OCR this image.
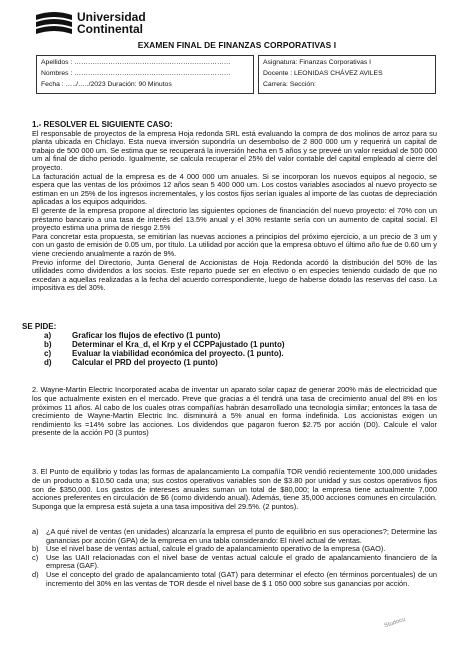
Universidad
Continental
EXAMEN FINAL DE FINANZAS CORPORATIVAS I
Apellidos : ……………………………………………………………
Nombres : ……………………………………………………………
Fecha : …../…../2023 Duración: 90 Minutos
Asignatura: Finanzas Corporativas I
Docente : LEONIDAS CHÁVEZ AVILES
Carrera: Sección:

1.- RESOLVER EL SIGUIENTE CASO:

El responsable de proyectos de la empresa Hoja redonda SRL está evaluando la compra de dos molinos de arroz para su planta ubicada en Chiclayo. Esta nueva inversión supondría un desembolso de 2 800 000 um y requerirá un capital de trabajo de 500 000 um. Se estima que se recuperará la inversión hecha en 5 años y se preveé un valor residual de 500 000 um al final de dicho periodo. Igualmente, se calcula recuperar el 25% del valor contable del capital empleado al cierre del proyecto.

La facturación actual de la empresa es de 4 000 000 um anuales. Si se incorporan los nuevos equipos al negocio, se espera que las ventas de los próximos 12 años sean 5 400 000 um. Los costos variables asociados al nuevo proyecto se estiman en un 25% de los ingresos incrementales, y los costos fijos serían iguales al importe de las cuotas de depreciación aplicadas a los equipos adquiridos.

El gerente de la empresa propone al directorio las siguientes opciones de financiación del nuevo proyecto: el 70% con un préstamo bancario a una tasa de interés del 13.5% anual y el 30% restante sería con un aumento de capital social. El proyecto estima una prima de riesgo 2.5%

Para concretar esta propuesta, se emitirían las nuevas acciones a principios del próximo ejercicio, a un precio de 3 um y con un gasto de emisión de 0.05 um, por título. La utilidad por acción que la empresa obtuvo el último año fue de 0.60 um y viene creciendo anualmente a razón de 9%.

Previo informe del Directorio, Junta General de Accionistas de Hoja Redonda acordó la distribución del 50% de las utilidades como dividendos a los socios. Este reparto puede ser en efectivo o en especies teniendo cuidado de que no excedan a aquellas realizadas a la fecha del acuerdo correspondiente, luego de haberse dotado las reservas del caso. La impositiva es del 30%.

SE PIDE:
a)	Graficar los flujos de efectivo (1 punto)
b)	Determinar el Kra_d, el Krp y el CCPPajustado (1 punto)
c)	Evaluar la viabilidad económica del proyecto. (1 punto).
d)	Calcular el PRD del proyecto (1 punto)

2. Wayne-Martin Electric Incorporated acaba de inventar un aparato solar capaz de generar 200% más de electricidad que los que actualmente existen en el mercado. Preve que gracias a él tendrá una tasa de crecimiento anual del 8% en los próximos 11 años. Al cabo de los cuales otras compañías habrán desarrollado una tecnología similar; entonces la tasa de crecimiento de Wayne-Martin Electric Inc. disminuirá a 5% anual en forma indefinida. Los accionistas exigen un rendimiento ks =14% sobre las acciones. Los dividendos que pagaron fueron $2.75 por acción (D0). Calcule el valor presente de la acción P0 (3 puntos)

3. El Punto de equilibrio y todas las formas de apalancamiento La compañía TOR vendió recientemente 100,000 unidades de un producto a $10.50 cada una; sus costos operativos variables son de $3.80 por unidad y sus costos operativos fijos son de $350,000. Los gastos de intereses anuales suman un total de $80,000; la empresa tiene actualmente 7,000 acciones preferentes en circulación de $6 (como dividendo anual). Además, tiene 35,000 acciones comunes en circulación. Suponga que la empresa está sujeta a una tasa impositiva del 29.5%. (2 puntos).

a)	¿A qué nivel de ventas (en unidades) alcanzaría la empresa el punto de equilibrio en sus operaciones?; Determine las ganancias por acción (GPA) de la empresa en una tabla considerando: El nivel actual de ventas.
b)	Use el nivel base de ventas actual, calcule el grado de apalancamiento operativo de la empresa (GAO).
c)	Use las UAII relacionadas con el nivel base de ventas actual calcule el grado de apalancamiento financiero de la empresa (GAF).
d)	Use el concepto del grado de apalancamiento total (GAT) para determinar el efecto (en términos porcentuales) de un incremento del 30% en las ventas de TOR desde el nivel base de $ 1 050 000 sobre sus ganancias por acción.
Studocu
